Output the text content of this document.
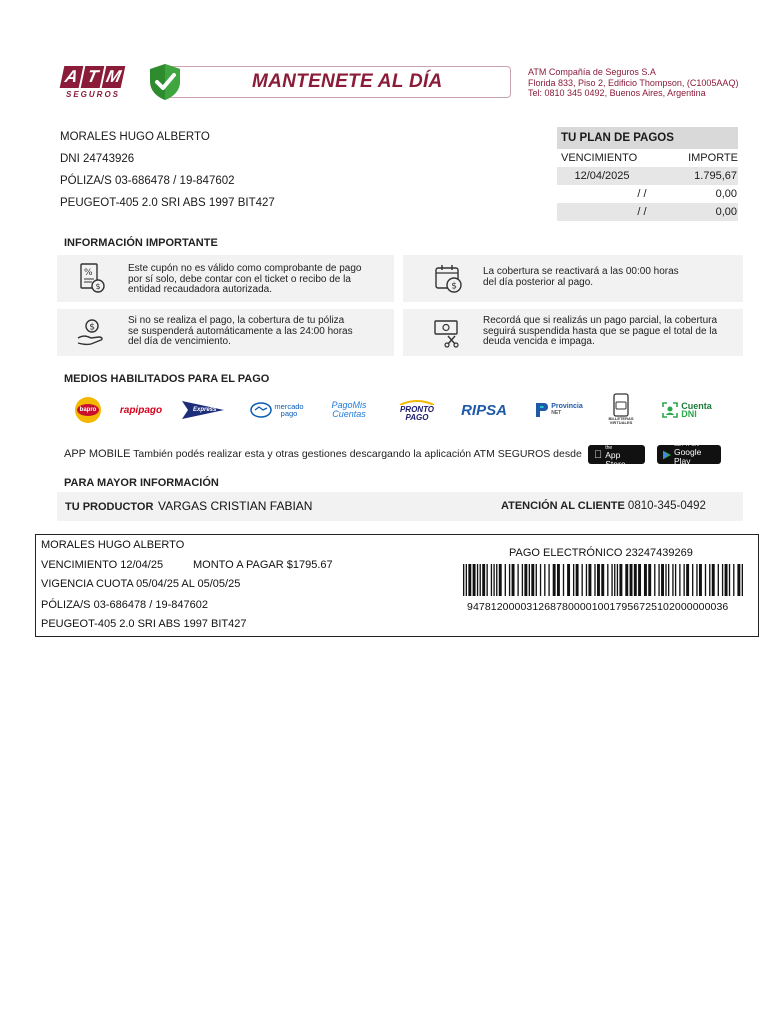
A T M
SEGUROS
MANTENETE AL DÍA	ATM Compañía de Seguros S.A
Florida 833, Piso 2, Edificio Thompson, (C1005AAQ)
Tel: 0810 345 0492, Buenos Aires, Argentina
MORALES HUGO ALBERTO
DNI 24743926
PÓLIZA/S 03-686478 / 19-847602
PEUGEOT-405 2.0 SRI ABS 1997 BIT427
TU PLAN DE PAGOS
VENCIMIENTO	IMPORTE
12/04/2025	1.795,67
/ /	0,00
/ /	0,00
INFORMACIÓN IMPORTANTE
%
$
Este cupón no es válido como comprobante de pago
por sí solo, debe contar con el ticket o recibo de la
entidad recaudadora autorizada.	$
La cobertura se reactivará a las 00:00 horas
del día posterior al pago.
$
Si no se realiza el pago, la cobertura de tu póliza
se suspenderá automáticamente a las 24:00 horas
del día de vencimiento.
Recordá que si realizás un pago parcial, la cobertura
seguirá suspendida hasta que se pague el total de la
deuda vencida e impaga.
MEDIOS HABILITADOS PARA EL PAGO
bapro rapipago	Express	mercado
pago
PagoMis
Cuentas	PRONTO
PAGO RIPSA	Provincia
NET
BILLETERAS
VIRTUALES
Cuenta
DNI
APP MOBILE También podés realizar esta y otras gestiones descargando la aplicación ATM SEGUROS desde	Download on the
App Store
GET IT ON
Google Play
PARA MAYOR INFORMACIÓN
TU PRODUCTOR VARGAS CRISTIAN FABIAN	ATENCIÓN AL CLIENTE 0810-345-0492
MORALES HUGO ALBERTO
VENCIMIENTO 12/04/25	MONTO A PAGAR $1795.67
VIGENCIA CUOTA 05/04/25 AL 05/05/25
PÓLIZA/S 03-686478 / 19-847602
PEUGEOT-405 2.0 SRI ABS 1997 BIT427
PAGO ELECTRÓNICO 23247439269
94781200003126878000010017956725102000000036
